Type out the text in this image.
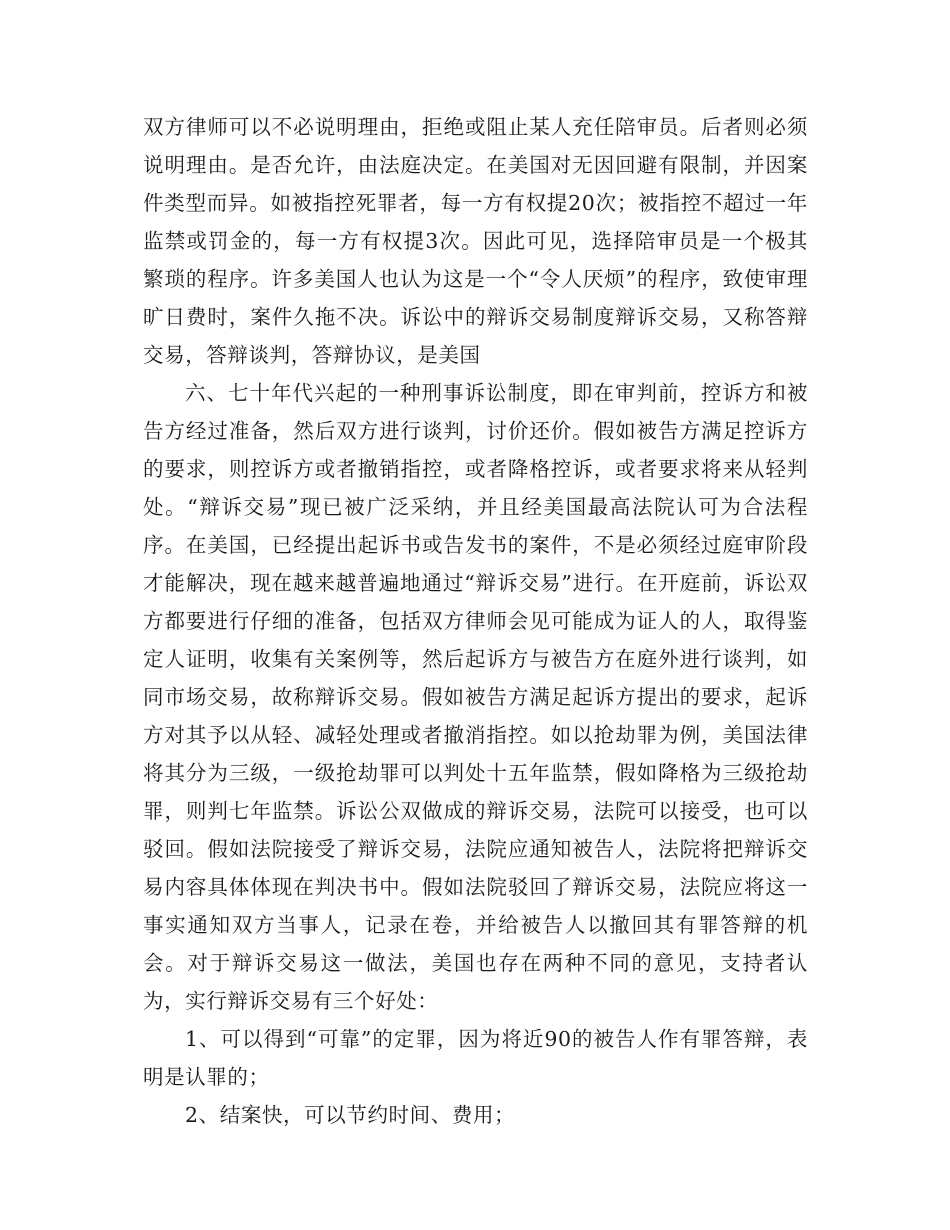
双方律师可以不必说明理由，拒绝或阻止某人充任陪审员。后者则必须说明理由。是否允许，由法庭决定。在美国对无因回避有限制，并因案件类型而异。如被指控死罪者，每一方有权提20次；被指控不超过一年监禁或罚金的，每一方有权提3次。因此可见，选择陪审员是一个极其繁琐的程序。许多美国人也认为这是一个“令人厌烦”的程序，致使审理旷日费时，案件久拖不决。诉讼中的辩诉交易制度辩诉交易，又称答辩交易，答辩谈判，答辩协议，是美国

六、七十年代兴起的一种刑事诉讼制度，即在审判前，控诉方和被告方经过准备，然后双方进行谈判，讨价还价。假如被告方满足控诉方的要求，则控诉方或者撤销指控，或者降格控诉，或者要求将来从轻判处。“辩诉交易”现已被广泛采纳，并且经美国最高法院认可为合法程序。在美国，已经提出起诉书或告发书的案件，不是必须经过庭审阶段才能解决，现在越来越普遍地通过“辩诉交易”进行。在开庭前，诉讼双方都要进行仔细的准备，包括双方律师会见可能成为证人的人，取得鉴定人证明，收集有关案例等，然后起诉方与被告方在庭外进行谈判，如同市场交易，故称辩诉交易。假如被告方满足起诉方提出的要求，起诉方对其予以从轻、减轻处理或者撤消指控。如以抢劫罪为例，美国法律将其分为三级，一级抢劫罪可以判处十五年监禁，假如降格为三级抢劫罪，则判七年监禁。诉讼公双做成的辩诉交易，法院可以接受，也可以驳回。假如法院接受了辩诉交易，法院应通知被告人，法院将把辩诉交易内容具体体现在判决书中。假如法院驳回了辩诉交易，法院应将这一事实通知双方当事人，记录在卷，并给被告人以撤回其有罪答辩的机会。对于辩诉交易这一做法，美国也存在两种不同的意见，支持者认为，实行辩诉交易有三个好处：

1、可以得到“可靠”的定罪，因为将近90的被告人作有罪答辩，表明是认罪的；

2、结案快，可以节约时间、费用；
